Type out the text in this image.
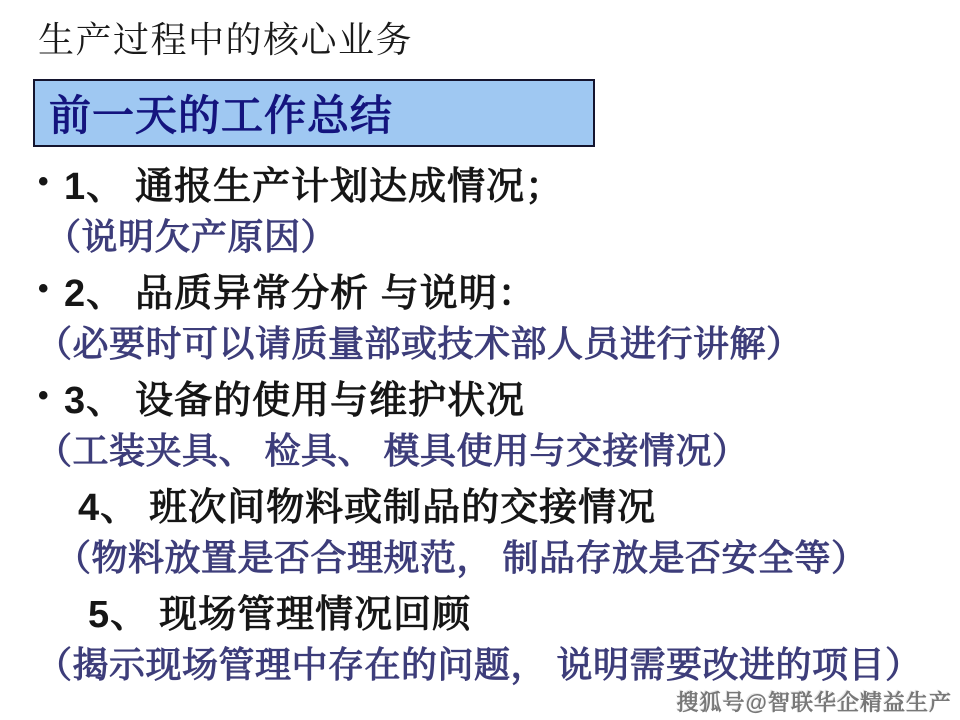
生产过程中的核心业务
前一天的工作总结
• 1、 通报生产计划达成情况；
（说明欠产原因）
• 2、 品质异常分析 与说明：
（必要时可以请质量部或技术部人员进行讲解）
• 3、 设备的使用与维护状况
（工装夹具、 检具、 模具使用与交接情况）
4、 班次间物料或制品的交接情况
（物料放置是否合理规范， 制品存放是否安全等）
5、 现场管理情况回顾
（揭示现场管理中存在的问题， 说明需要改进的项目）
搜狐号@智联华企精益生产
